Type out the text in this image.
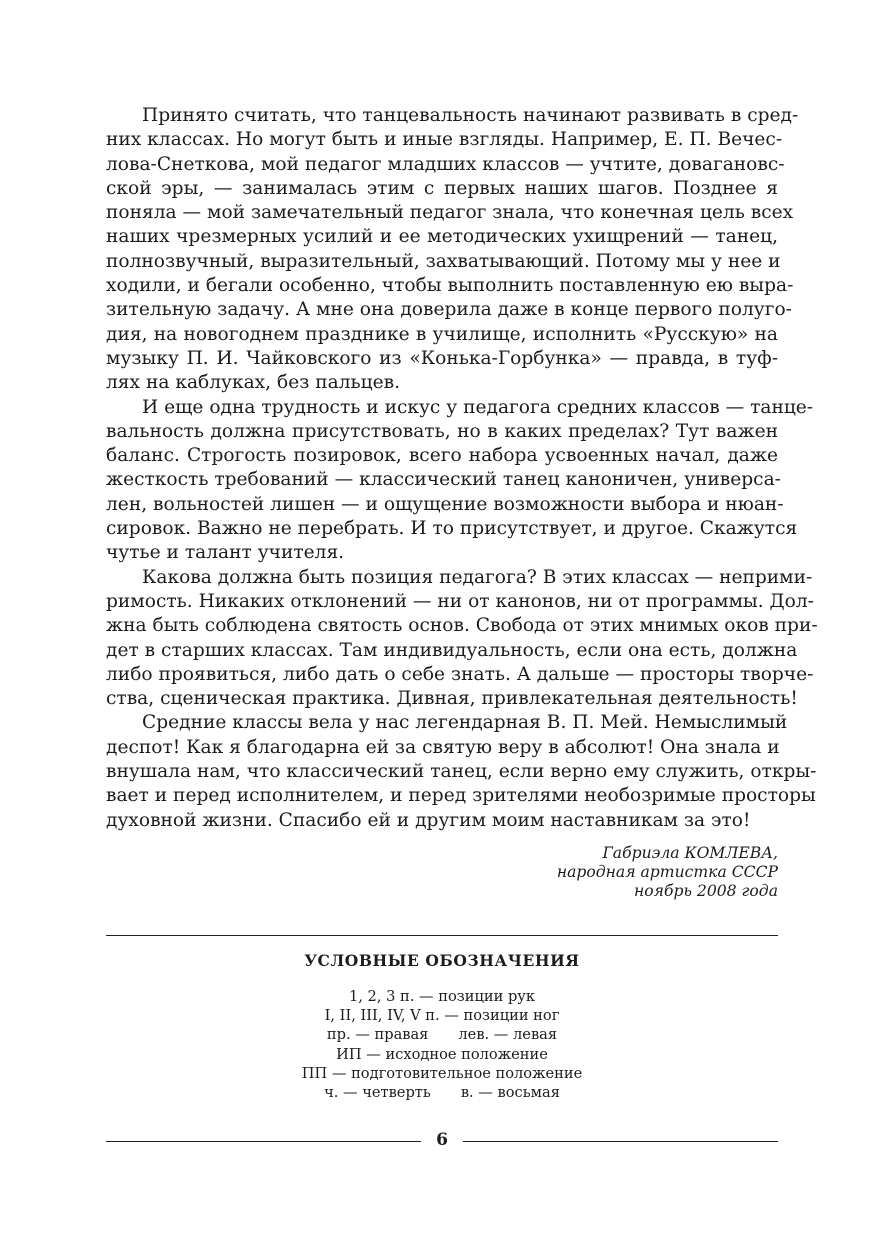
Принято считать, что танцевальность начинают развивать в сред-
них классах. Но могут быть и иные взгляды. Например, Е. П. Вечес-
лова-Снеткова, мой педагог младших классов — учтите, довагановс-
ской эры, — занималась этим с первых наших шагов. Позднее я
поняла — мой замечательный педагог знала, что конечная цель всех
наших чрезмерных усилий и ее методических ухищрений — танец,
полнозвучный, выразительный, захватывающий. Потому мы у нее и
ходили, и бегали особенно, чтобы выполнить поставленную ею выра-
зительную задачу. А мне она доверила даже в конце первого полуго-
дия, на новогоднем празднике в училище, исполнить «Русскую» на
музыку П. И. Чайковского из «Конька-Горбунка» — правда, в туф-
лях на каблуках, без пальцев.
И еще одна трудность и искус у педагога средних классов — танце-
вальность должна присутствовать, но в каких пределах? Тут важен
баланс. Строгость позировок, всего набора усвоенных начал, даже
жесткость требований — классический танец каноничен, универса-
лен, вольностей лишен — и ощущение возможности выбора и нюан-
сировок. Важно не перебрать. И то присутствует, и другое. Скажутся
чутье и талант учителя.
Какова должна быть позиция педагога? В этих классах — неприми-
римость. Никаких отклонений — ни от канонов, ни от программы. Дол-
жна быть соблюдена святость основ. Свобода от этих мнимых оков при-
дет в старших классах. Там индивидуальность, если она есть, должна
либо проявиться, либо дать о себе знать. А дальше — просторы творче-
ства, сценическая практика. Дивная, привлекательная деятельность!
Средние классы вела у нас легендарная В. П. Мей. Немыслимый
деспот! Как я благодарна ей за святую веру в абсолют! Она знала и
внушала нам, что классический танец, если верно ему служить, откры-
вает и перед исполнителем, и перед зрителями необозримые просторы
духовной жизни. Спасибо ей и другим моим наставникам за это!
Габриэла КОМЛЕВА,
народная артистка СССР
ноябрь 2008 года
УСЛОВНЫЕ ОБОЗНАЧЕНИЯ
1, 2, 3 п. — позиции рук
I, II, III, IV, V п. — позиции ног
пр. — правая лев. — левая
ИП — исходное положение
ПП — подготовительное положение
ч. — четверть в. — восьмая
6
